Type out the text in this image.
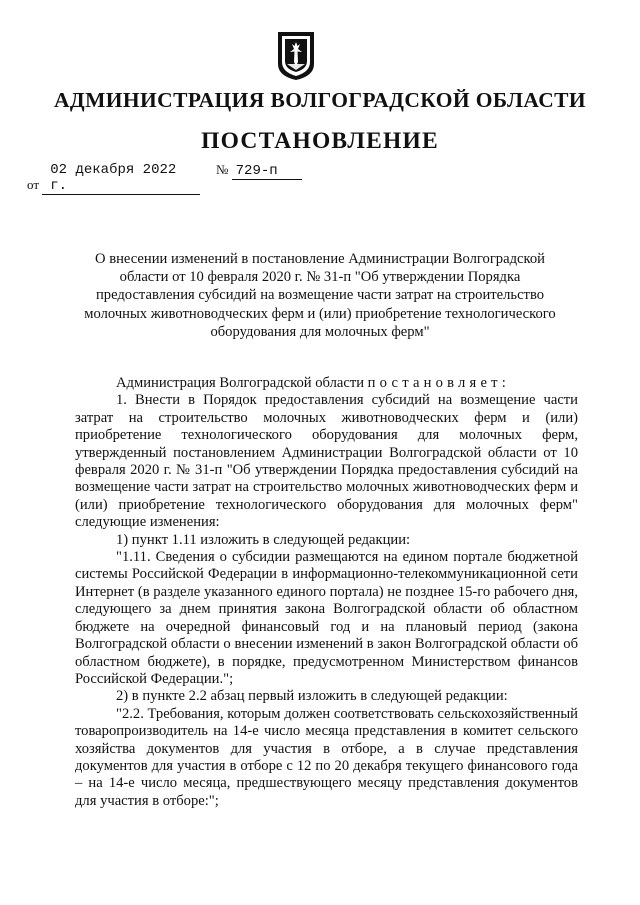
АДМИНИСТРАЦИЯ ВОЛГОГРАДСКОЙ ОБЛАСТИ
ПОСТАНОВЛЕНИЕ
от 02 декабря 2022 г.
№ 729-п
О внесении изменений в постановление Администрации Волгоградской области от 10 февраля 2020 г. № 31-п "Об утверждении Порядка предоставления субсидий на возмещение части затрат на строительство молочных животноводческих ферм и (или) приобретение технологического оборудования для молочных ферм"

Администрация Волгоградской области постановляет:

1. Внести в Порядок предоставления субсидий на возмещение части затрат на строительство молочных животноводческих ферм и (или) приобретение технологического оборудования для молочных ферм, утвержденный постановлением Администрации Волгоградской области от 10 февраля 2020 г. № 31-п "Об утверждении Порядка предоставления субсидий на возмещение части затрат на строительство молочных животноводческих ферм и (или) приобретение технологического оборудования для молочных ферм" следующие изменения:

1) пункт 1.11 изложить в следующей редакции:

"1.11. Сведения о субсидии размещаются на едином портале бюджетной системы Российской Федерации в информационно-телекоммуникационной сети Интернет (в разделе указанного единого портала) не позднее 15-го рабочего дня, следующего за днем принятия закона Волгоградской области об областном бюджете на очередной финансовый год и на плановый период (закона Волгоградской области о внесении изменений в закон Волгоградской области об областном бюджете), в порядке, предусмотренном Министерством финансов Российской Федерации.";

2) в пункте 2.2 абзац первый изложить в следующей редакции:

"2.2. Требования, которым должен соответствовать сельскохозяйственный товаропроизводитель на 14-е число месяца представления в комитет сельского хозяйства документов для участия в отборе, а в случае представления документов для участия в отборе с 12 по 20 декабря текущего финансового года – на 14-е число месяца, предшествующего месяцу представления документов для участия в отборе:";
